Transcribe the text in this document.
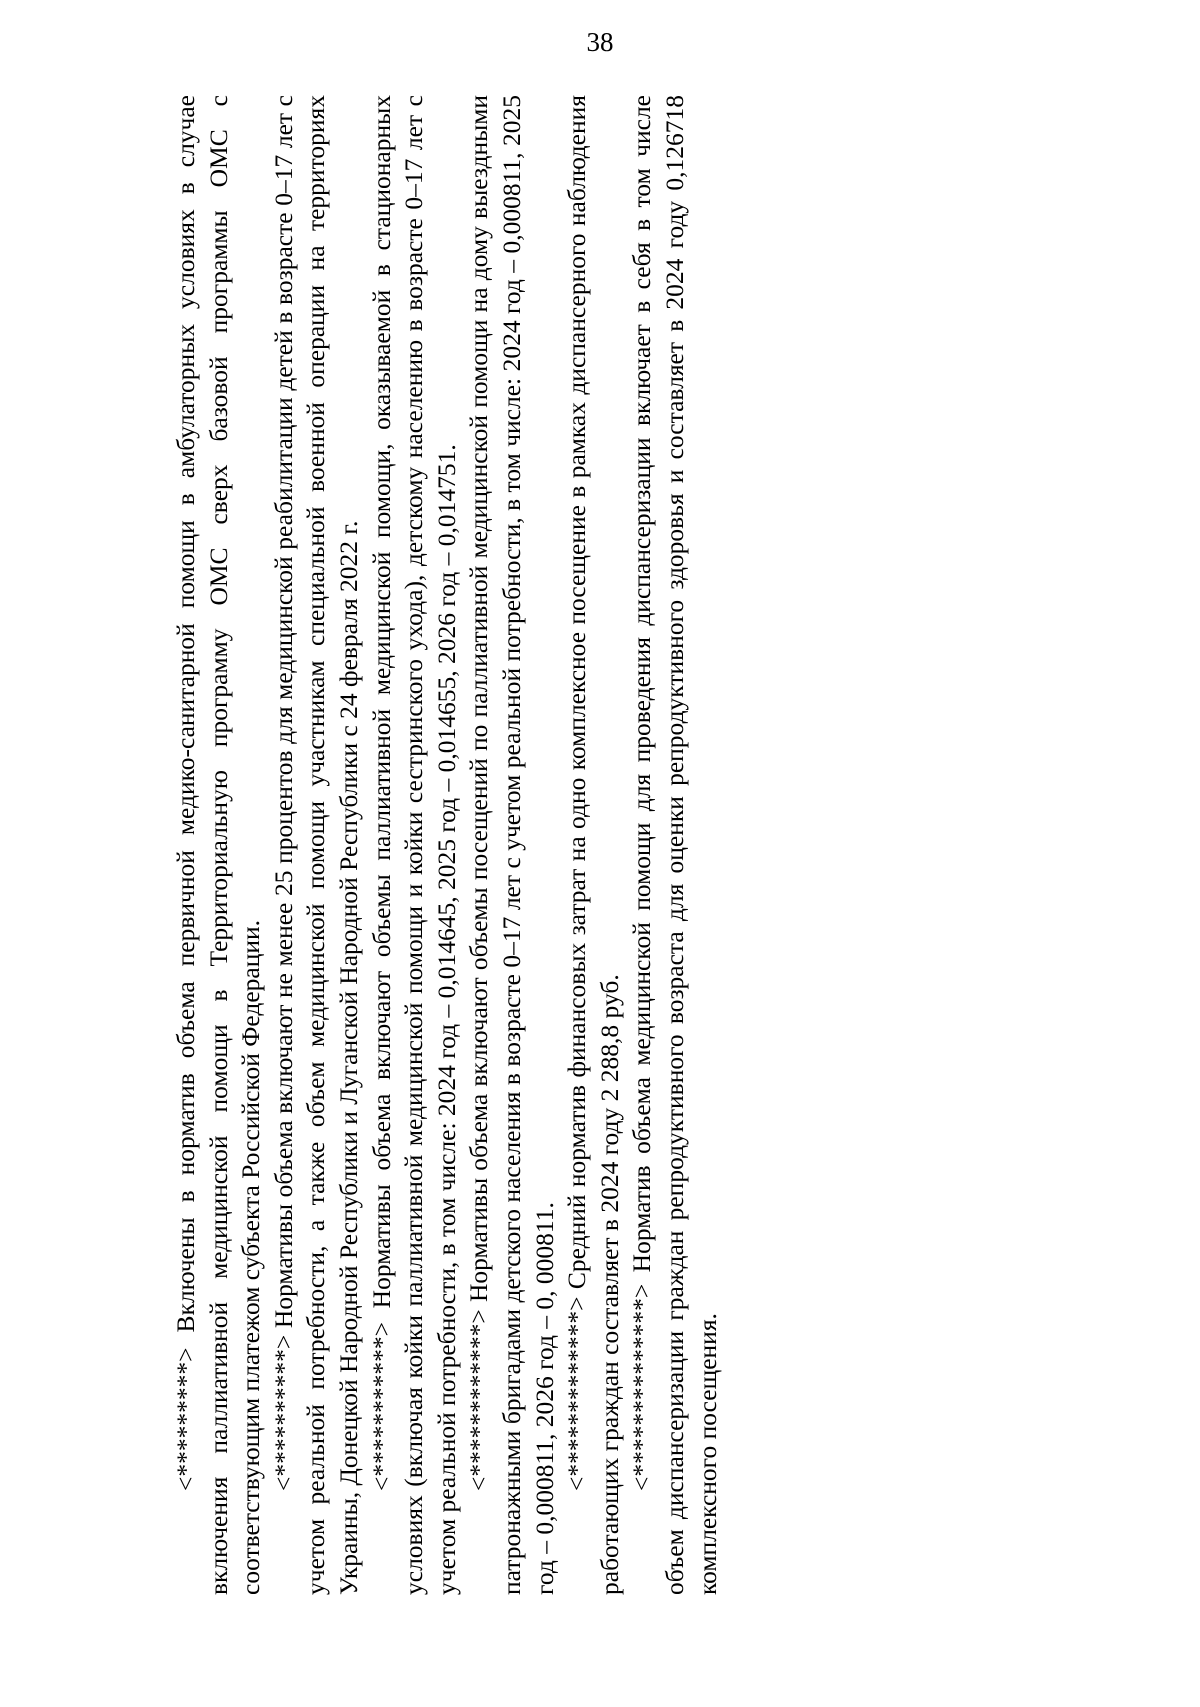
38

<*********> Включены в норматив объема первичной медико-санитарной помощи в амбулаторных условиях в случае включения паллиативной медицинской помощи в Территориальную программу ОМС сверх базовой программы ОМС с соответствующим платежом субъекта Российской Федерации. <**********> Нормативы объема включают не менее 25 процентов для медицинской реабилитации детей в возрасте 0–17 лет с учетом реальной потребности, а также объем медицинской помощи участникам специальной военной операции на территориях Украины, Донецкой Народной Республики и Луганской Народной Республики с 24 февраля 2022 г. <***********> Нормативы объема включают объемы паллиативной медицинской помощи, оказываемой в стационарных условиях (включая койки паллиативной медицинской помощи и койки сестринского ухода), детскому населению в возрасте 0–17 лет с учетом реальной потребности, в том числе: 2024 год – 0,014645, 2025 год – 0,014655, 2026 год – 0,014751. <************> Нормативы объема включают объемы посещений по паллиативной медицинской помощи на дому выездными патронажными бригадами детского населения в возрасте 0–17 лет с учетом реальной потребности, в том числе: 2024 год – 0,000811, 2025 год – 0,000811, 2026 год – 0, 000811. <*************> Средний норматив финансовых затрат на одно комплексное посещение в рамках диспансерного наблюдения работающих граждан составляет в 2024 году 2 288,8 руб. <**************> Норматив объема медицинской помощи для проведения диспансеризации включает в себя в том числе объем диспансеризации граждан репродуктивного возраста для оценки репродуктивного здоровья и составляет в 2024 году 0,126718 комплексного посещения.
